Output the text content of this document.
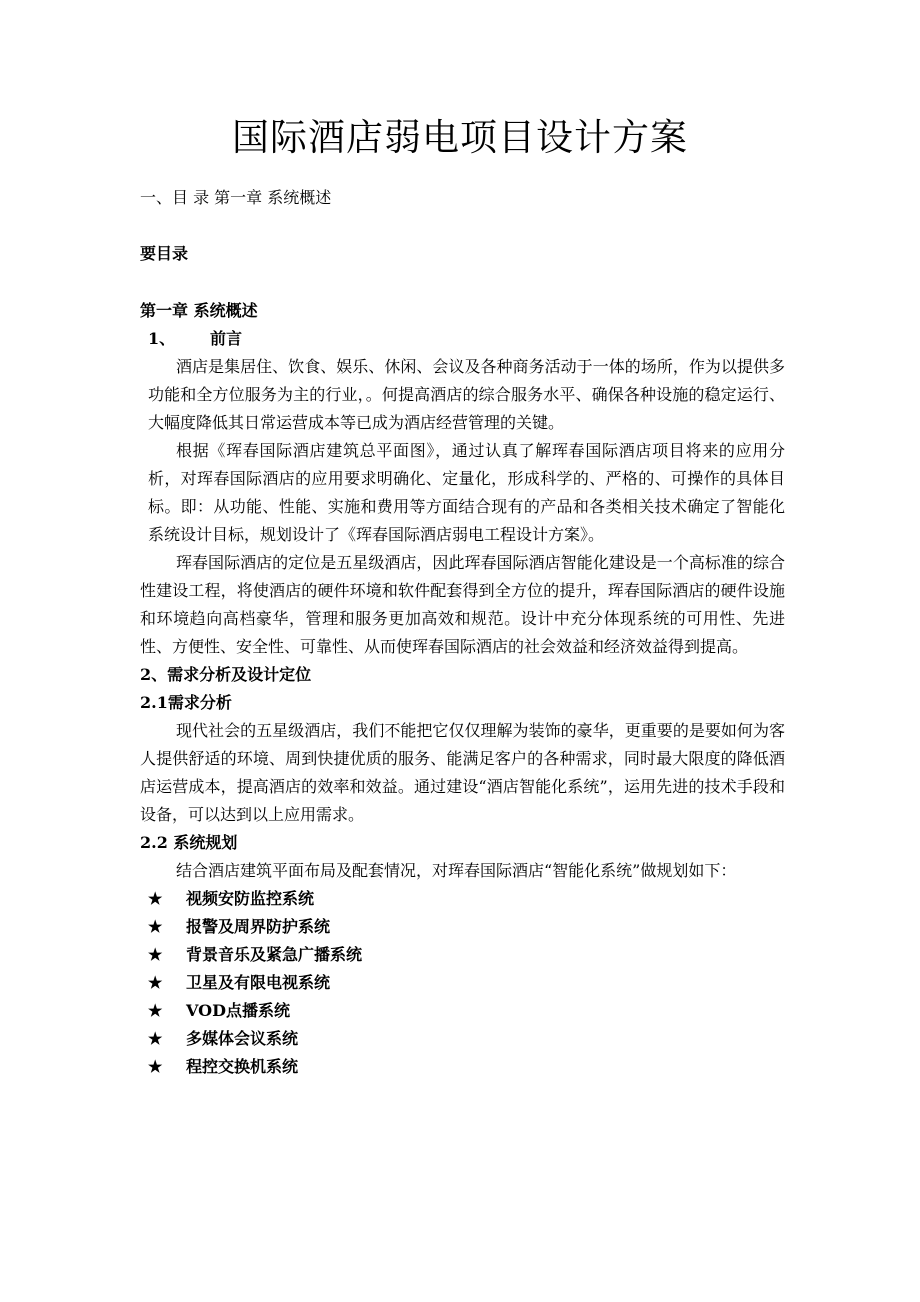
国际酒店弱电项目设计方案
一、目 录 第一章 系统概述
要目录

第一章 系统概述

1、 前言

酒店是集居住、饮食、娱乐、休闲、会议及各种商务活动于一体的场所，作为以提供多功能和全方位服务为主的行业，。何提高酒店的综合服务水平、确保各种设施的稳定运行、大幅度降低其日常运营成本等已成为酒店经营管理的关键。

根据《珲春国际酒店建筑总平面图》，通过认真了解珲春国际酒店项目将来的应用分析，对珲春国际酒店的应用要求明确化、定量化，形成科学的、严格的、可操作的具体目标。即：从功能、性能、实施和费用等方面结合现有的产品和各类相关技术确定了智能化系统设计目标，规划设计了《珲春国际酒店弱电工程设计方案》。

珲春国际酒店的定位是五星级酒店，因此珲春国际酒店智能化建设是一个高标准的综合性建设工程，将使酒店的硬件环境和软件配套得到全方位的提升，珲春国际酒店的硬件设施和环境趋向高档豪华，管理和服务更加高效和规范。设计中充分体现系统的可用性、先进性、方便性、安全性、可靠性、从而使珲春国际酒店的社会效益和经济效益得到提高。

2、需求分析及设计定位

2.1需求分析

现代社会的五星级酒店，我们不能把它仅仅理解为装饰的豪华，更重要的是要如何为客人提供舒适的环境、周到快捷优质的服务、能满足客户的各种需求，同时最大限度的降低酒店运营成本，提高酒店的效率和效益。通过建设“酒店智能化系统”，运用先进的技术手段和设备，可以达到以上应用需求。

2.2 系统规划

结合酒店建筑平面布局及配套情况，对珲春国际酒店“智能化系统”做规划如下：

★ 视频安防监控系统
★ 报警及周界防护系统
★ 背景音乐及紧急广播系统
★ 卫星及有限电视系统
★ VOD点播系统
★ 多媒体会议系统
★ 程控交换机系统
